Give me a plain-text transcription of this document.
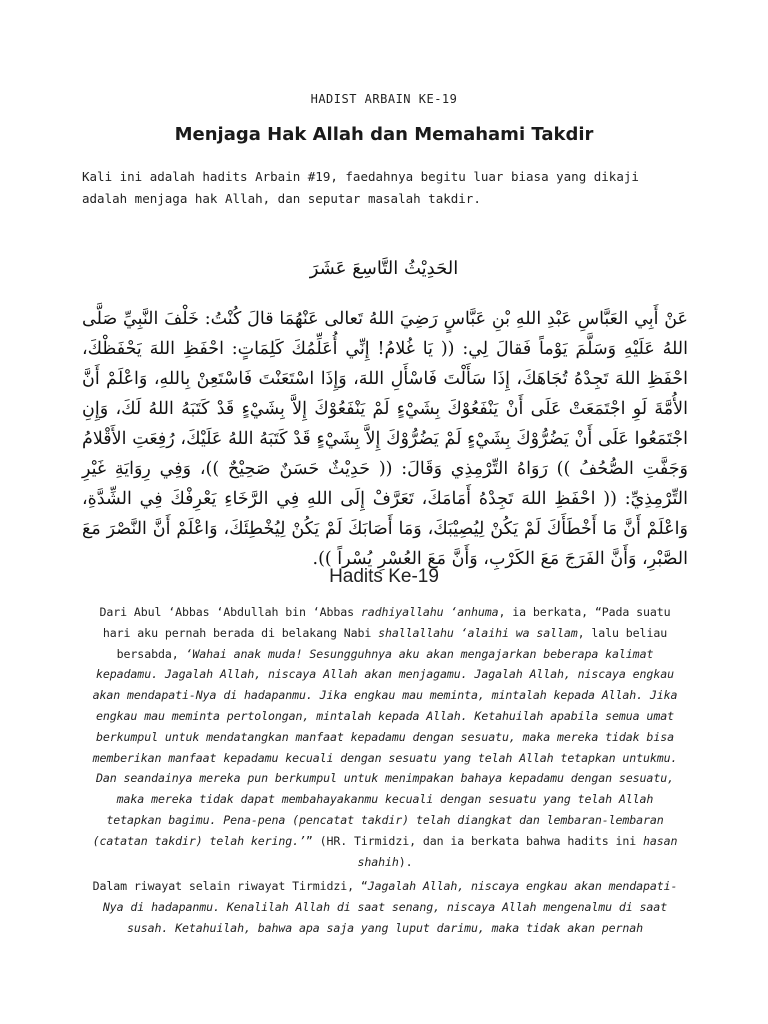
HADIST ARBAIN KE-19
Menjaga Hak Allah dan Memahami Takdir

Kali ini adalah hadits Arbain #19, faedahnya begitu luar biasa yang dikaji adalah menjaga hak Allah, dan seputar masalah takdir.

الحَدِيْثُ التَّاسِعَ عَشَرَ

عَنْ أَبِي العَبَّاسِ عَبْدِ اللهِ بْنِ عَبَّاسٍ رَضِيَ اللهُ تَعالى عَنْهُمَا قالَ كُنْتُ: خَلْفَ النَّبِيِّ صَلَّى اللهُ عَلَيْهِ وَسَلَّمَ يَوْماً فَقالَ لِي: (( يَا غُلامُ! إِنِّي أُعَلِّمُكَ كَلِمَاتٍ: احْفَظِ اللهَ يَحْفَظْكَ، احْفَظِ اللهَ تَجِدْهُ تُجَاهَكَ، إِذَا سَأَلْتَ فَاسْأَلِ اللهَ، وَإِذَا اسْتَعَنْتَ فَاسْتَعِنْ بِاللهِ، وَاعْلَمْ أَنَّ الأُمَّةَ لَوِ اجْتَمَعَتْ عَلَى أَنْ يَنْفَعُوْكَ بِشَيْءٍ لَمْ يَنْفَعُوْكَ إِلاَّ بِشَيْءٍ قَدْ كَتَبَهُ اللهُ لَكَ، وَإِنِ اجْتَمَعُوا عَلَى أَنْ يَضُرُّوْكَ بِشَيْءٍ لَمْ يَضُرُّوْكَ إِلاَّ بِشَيْءٍ قَدْ كَتَبَهُ اللهُ عَلَيْكَ، رُفِعَتِ الأَقْلامُ وَجَفَّتِ الصُّحُفُ )) رَوَاهُ التِّرْمِذِي وَقَالَ: (( حَدِيْثٌ حَسَنٌ صَحِيْحٌ ))، وَفِي رِوَايَةِ غَيْرِ التِّرْمِذِيِّ: (( احْفَظِ اللهَ تَجِدْهُ أَمَامَكَ، تَعَرَّفْ إِلَى اللهِ فِي الرَّخَاءِ يَعْرِفْكَ فِي الشِّدَّةِ، وَاعْلَمْ أَنَّ مَا أَخْطَأَكَ لَمْ يَكُنْ لِيُصِيْبَكَ، وَمَا أَصَابَكَ لَمْ يَكُنْ لِيُخْطِئَكَ، وَاعْلَمْ أَنَّ النَّصْرَ مَعَ الصَّبْرِ، وَأَنَّ الفَرَجَ مَعَ الكَرْبِ، وَأَنَّ مَعَ العُسْرِ يُسْراً )).

Hadits Ke-19

Dari Abul ‘Abbas ‘Abdullah bin ‘Abbas radhiyallahu ‘anhuma, ia berkata, “Pada suatu hari aku pernah berada di belakang Nabi shallallahu ‘alaihi wa sallam, lalu beliau bersabda, ‘Wahai anak muda! Sesungguhnya aku akan mengajarkan beberapa kalimat kepadamu. Jagalah Allah, niscaya Allah akan menjagamu. Jagalah Allah, niscaya engkau akan mendapati-Nya di hadapanmu. Jika engkau mau meminta, mintalah kepada Allah. Jika engkau mau meminta pertolongan, mintalah kepada Allah. Ketahuilah apabila semua umat berkumpul untuk mendatangkan manfaat kepadamu dengan sesuatu, maka mereka tidak bisa memberikan manfaat kepadamu kecuali dengan sesuatu yang telah Allah tetapkan untukmu. Dan seandainya mereka pun berkumpul untuk menimpakan bahaya kepadamu dengan sesuatu, maka mereka tidak dapat membahayakanmu kecuali dengan sesuatu yang telah Allah tetapkan bagimu. Pena-pena (pencatat takdir) telah diangkat dan lembaran-lembaran (catatan takdir) telah kering.’” (HR. Tirmidzi, dan ia berkata bahwa hadits ini hasan shahih).

Dalam riwayat selain riwayat Tirmidzi, “Jagalah Allah, niscaya engkau akan mendapati-Nya di hadapanmu. Kenalilah Allah di saat senang, niscaya Allah mengenalmu di saat susah. Ketahuilah, bahwa apa saja yang luput darimu, maka tidak akan pernah
